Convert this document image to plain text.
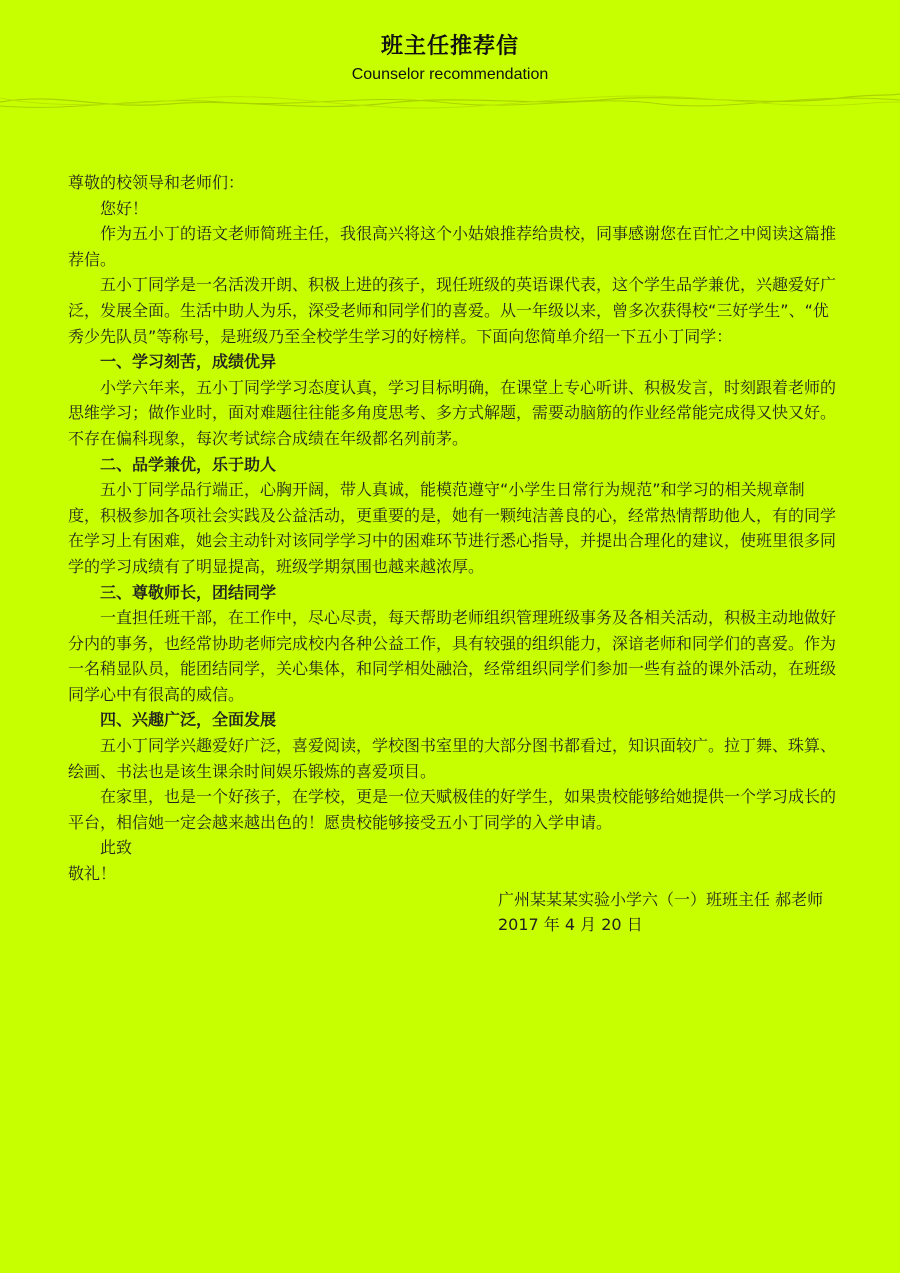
班主任推荐信
Counselor recommendation

尊敬的校领导和老师们：

您好！

作为五小丁的语文老师简班主任，我很高兴将这个小姑娘推荐给贵校，同事感谢您在百忙之中阅读这篇推荐信。

五小丁同学是一名活泼开朗、积极上进的孩子，现任班级的英语课代表，这个学生品学兼优，兴趣爱好广泛，发展全面。生活中助人为乐，深受老师和同学们的喜爱。从一年级以来，曾多次获得校“三好学生”、“优秀少先队员”等称号，是班级乃至全校学生学习的好榜样。下面向您简单介绍一下五小丁同学：

一、学习刻苦，成绩优异

小学六年来，五小丁同学学习态度认真，学习目标明确，在课堂上专心听讲、积极发言，时刻跟着老师的思维学习；做作业时，面对难题往往能多角度思考、多方式解题，需要动脑筋的作业经常能完成得又快又好。不存在偏科现象，每次考试综合成绩在年级都名列前茅。

二、品学兼优，乐于助人

五小丁同学品行端正，心胸开阔，带人真诚，能模范遵守“小学生日常行为规范”和学习的相关规章制度，积极参加各项社会实践及公益活动，更重要的是，她有一颗纯洁善良的心，经常热情帮助他人，有的同学在学习上有困难，她会主动针对该同学学习中的困难环节进行悉心指导，并提出合理化的建议，使班里很多同学的学习成绩有了明显提高，班级学期氛围也越来越浓厚。

三、尊敬师长，团结同学

一直担任班干部，在工作中，尽心尽责，每天帮助老师组织管理班级事务及各相关活动，积极主动地做好分内的事务，也经常协助老师完成校内各种公益工作，具有较强的组织能力，深谙老师和同学们的喜爱。作为一名稍显队员，能团结同学，关心集体，和同学相处融洽，经常组织同学们参加一些有益的课外活动，在班级同学心中有很高的威信。

四、兴趣广泛，全面发展

五小丁同学兴趣爱好广泛，喜爱阅读，学校图书室里的大部分图书都看过，知识面较广。拉丁舞、珠算、绘画、书法也是该生课余时间娱乐锻炼的喜爱项目。

在家里，也是一个好孩子，在学校，更是一位天赋极佳的好学生，如果贵校能够给她提供一个学习成长的平台，相信她一定会越来越出色的！愿贵校能够接受五小丁同学的入学申请。

此致

敬礼！

广州某某某实验小学六（一）班班主任 郝老师

2017 年 4 月 20 日
